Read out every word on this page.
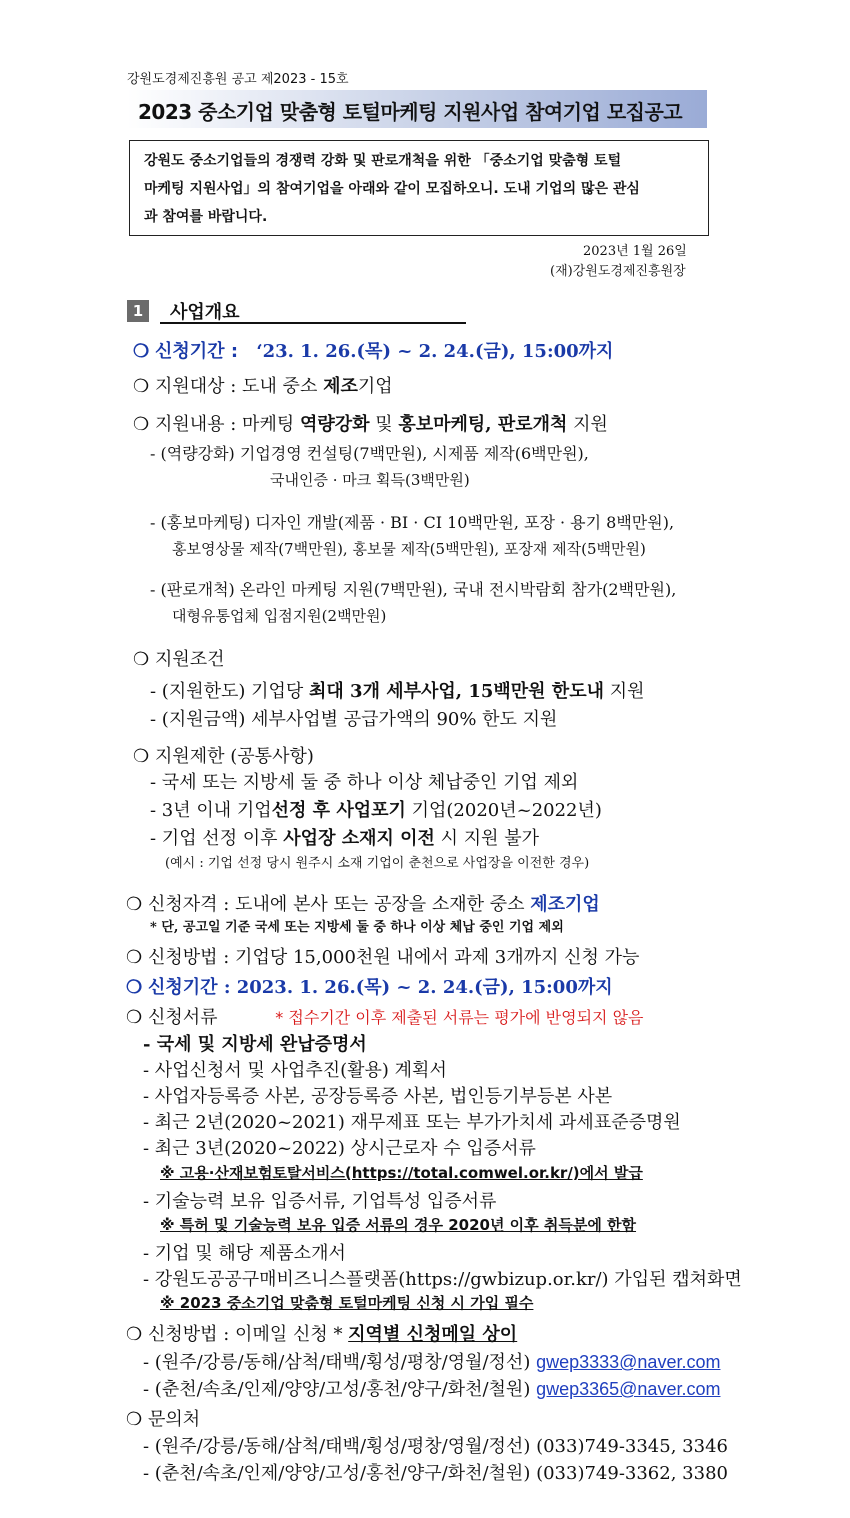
강원도경제진흥원 공고 제2023 - 15호
2023 중소기업 맞춤형 토털마케팅 지원사업 참여기업 모집공고
강원도 중소기업들의 경쟁력 강화 및 판로개척을 위한 「중소기업 맞춤형 토털
마케팅 지원사업」의 참여기업을 아래와 같이 모집하오니. 도내 기업의 많은 관심
과 참여를 바랍니다.
2023년 1월 26일
(재)강원도경제진흥원장
1	사업개요
❍ 신청기간 : ‘23. 1. 26.(목) ~ 2. 24.(금), 15:00까지
❍ 지원대상 : 도내 중소 제조기업
❍ 지원내용 : 마케팅 역량강화 및 홍보마케팅, 판로개척 지원
- (역량강화) 기업경영 컨설팅(7백만원), 시제품 제작(6백만원),
국내인증 · 마크 획득(3백만원)
- (홍보마케팅) 디자인 개발(제품 · BI · CI 10백만원, 포장 · 용기 8백만원),
홍보영상물 제작(7백만원), 홍보물 제작(5백만원), 포장재 제작(5백만원)
- (판로개척) 온라인 마케팅 지원(7백만원), 국내 전시박람회 참가(2백만원),
대형유통업체 입점지원(2백만원)
❍ 지원조건
- (지원한도) 기업당 최대 3개 세부사업, 15백만원 한도내 지원
- (지원금액) 세부사업별 공급가액의 90% 한도 지원
❍ 지원제한 (공통사항)
- 국세 또는 지방세 둘 중 하나 이상 체납중인 기업 제외
- 3년 이내 기업선정 후 사업포기 기업(2020년~2022년)
- 기업 선정 이후 사업장 소재지 이전 시 지원 불가
(예시 : 기업 선정 당시 원주시 소재 기업이 춘천으로 사업장을 이전한 경우)
❍ 신청자격 : 도내에 본사 또는 공장을 소재한 중소 제조기업
* 단, 공고일 기준 국세 또는 지방세 둘 중 하나 이상 체납 중인 기업 제외
❍ 신청방법 : 기업당 15,000천원 내에서 과제 3개까지 신청 가능
❍ 신청기간 : 2023. 1. 26.(목) ~ 2. 24.(금), 15:00까지
❍ 신청서류	* 접수기간 이후 제출된 서류는 평가에 반영되지 않음
- 국세 및 지방세 완납증명서
- 사업신청서 및 사업추진(활용) 계획서
- 사업자등록증 사본, 공장등록증 사본, 법인등기부등본 사본
- 최근 2년(2020~2021) 재무제표 또는 부가가치세 과세표준증명원
- 최근 3년(2020~2022) 상시근로자 수 입증서류
※ 고용·산재보험토탈서비스(https://total.comwel.or.kr/)에서 발급
- 기술능력 보유 입증서류, 기업특성 입증서류
※ 특허 및 기술능력 보유 입증 서류의 경우 2020년 이후 취득분에 한함
- 기업 및 해당 제품소개서
- 강원도공공구매비즈니스플랫폼(https://gwbizup.or.kr/) 가입된 캡쳐화면
※ 2023 중소기업 맞춤형 토털마케팅 신청 시 가입 필수
❍ 신청방법 : 이메일 신청 * 지역별 신청메일 상이
- (원주/강릉/동해/삼척/태백/횡성/평창/영월/정선) gwep3333@naver.com
- (춘천/속초/인제/양양/고성/홍천/양구/화천/철원) gwep3365@naver.com
❍ 문의처
- (원주/강릉/동해/삼척/태백/횡성/평창/영월/정선) (033)749-3345, 3346
- (춘천/속초/인제/양양/고성/홍천/양구/화천/철원) (033)749-3362, 3380
